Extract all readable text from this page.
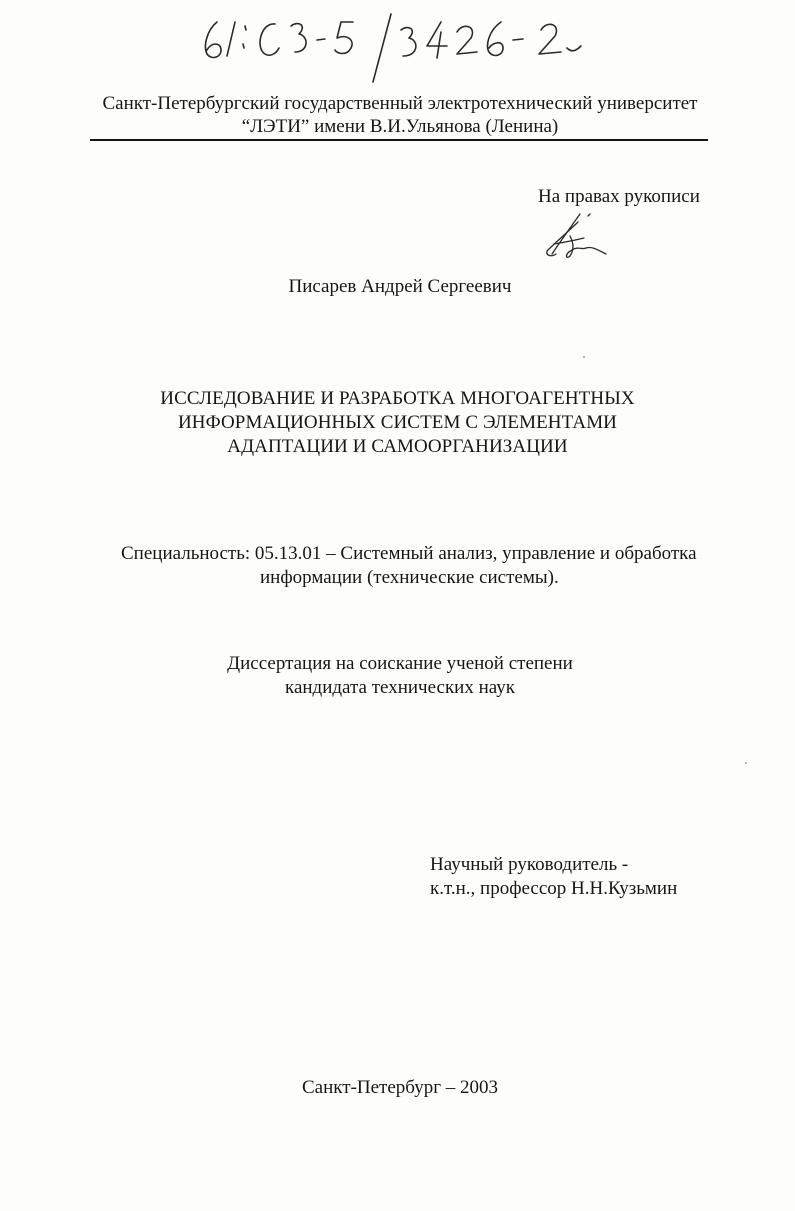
Санкт-Петербургский государственный электротехнический университет
“ЛЭТИ” имени В.И.Ульянова (Ленина)
На правах рукописи
Писарев Андрей Сергеевич
ИССЛЕДОВАНИЕ И РАЗРАБОТКА МНОГОАГЕНТНЫХ
ИНФОРМАЦИОННЫХ СИСТЕМ С ЭЛЕМЕНТАМИ
АДАПТАЦИИ И САМООРГАНИЗАЦИИ
Специальность: 05.13.01 – Системный анализ, управление и обработка
информации (технические системы).
Диссертация на соискание ученой степени
кандидата технических наук
Научный руководитель -
к.т.н., профессор Н.Н.Кузьмин
Санкт-Петербург – 2003
